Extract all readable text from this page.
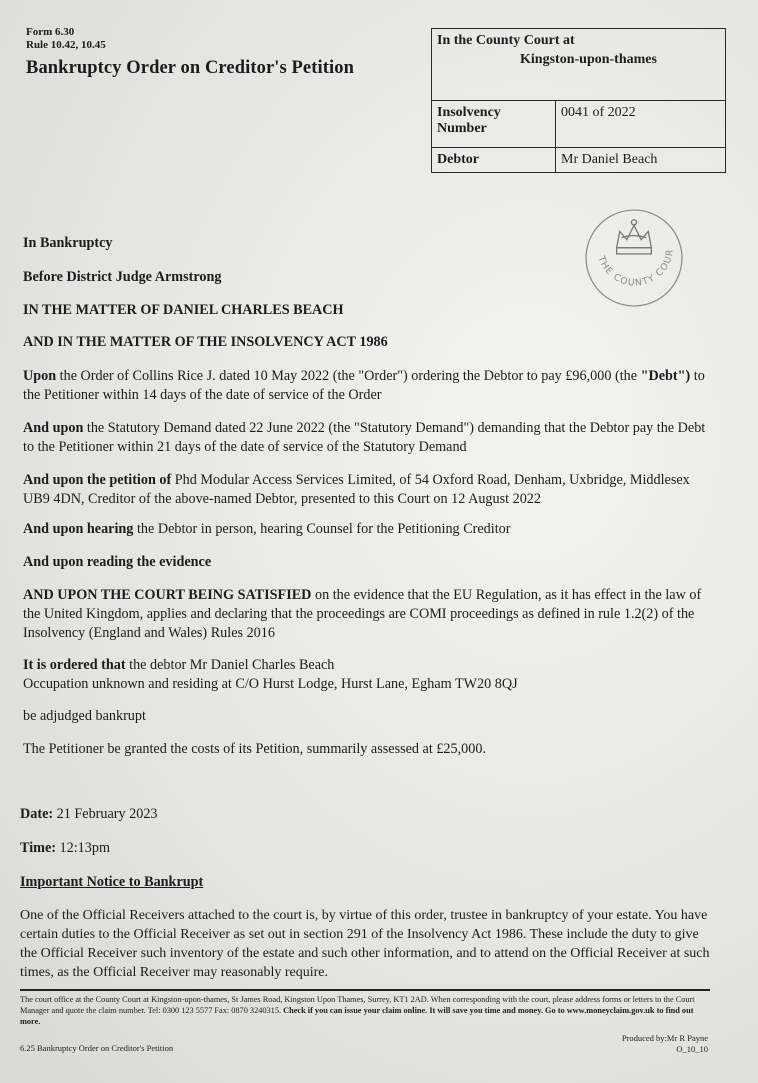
Form 6.30
Rule 10.42, 10.45
Bankruptcy Order on Creditor's Petition
In the County Court at
Kingston-upon-thames	

Insolvency Number	0041 of 2022
Debtor	Mr Daniel Beach
THE COUNTY COUR
In Bankruptcy
Before District Judge Armstrong
IN THE MATTER OF DANIEL CHARLES BEACH
AND IN THE MATTER OF THE INSOLVENCY ACT 1986
Upon the Order of Collins Rice J. dated 10 May 2022 (the "Order") ordering the Debtor to pay £96,000 (the "Debt") to the Petitioner within 14 days of the date of service of the Order
And upon the Statutory Demand dated 22 June 2022 (the "Statutory Demand") demanding that the Debtor pay the Debt to the Petitioner within 21 days of the date of service of the Statutory Demand
And upon the petition of Phd Modular Access Services Limited, of 54 Oxford Road, Denham, Uxbridge, Middlesex UB9 4DN, Creditor of the above-named Debtor, presented to this Court on 12 August 2022
And upon hearing the Debtor in person, hearing Counsel for the Petitioning Creditor
And upon reading the evidence
AND UPON THE COURT BEING SATISFIED on the evidence that the EU Regulation, as it has effect in the law of the United Kingdom, applies and declaring that the proceedings are COMI proceedings as defined in rule 1.2(2) of the Insolvency (England and Wales) Rules 2016
It is ordered that the debtor Mr Daniel Charles Beach
Occupation unknown and residing at C/O Hurst Lodge, Hurst Lane, Egham TW20 8QJ
be adjudged bankrupt
The Petitioner be granted the costs of its Petition, summarily assessed at £25,000.
Date: 21 February 2023
Time: 12:13pm
Important Notice to Bankrupt
One of the Official Receivers attached to the court is, by virtue of this order, trustee in bankruptcy of your estate. You have certain duties to the Official Receiver as set out in section 291 of the Insolvency Act 1986. These include the duty to give the Official Receiver such inventory of the estate and such other information, and to attend on the Official Receiver at such times, as the Official Receiver may reasonably require.
The court office at the County Court at Kingston-upon-thames, St James Road, Kingston Upon Thames, Surrey, KT1 2AD. When corresponding with the court, please address forms or letters to the Court Manager and quote the claim number. Tel: 0300 123 5577 Fax: 0870 3240315. Check if you can issue your claim online. It will save you time and money. Go to www.moneyclaim.gov.uk to find out more.
6.25 Bankruptcy Order on Creditor's Petition
Produced by:Mr R Payne
O_10_10
